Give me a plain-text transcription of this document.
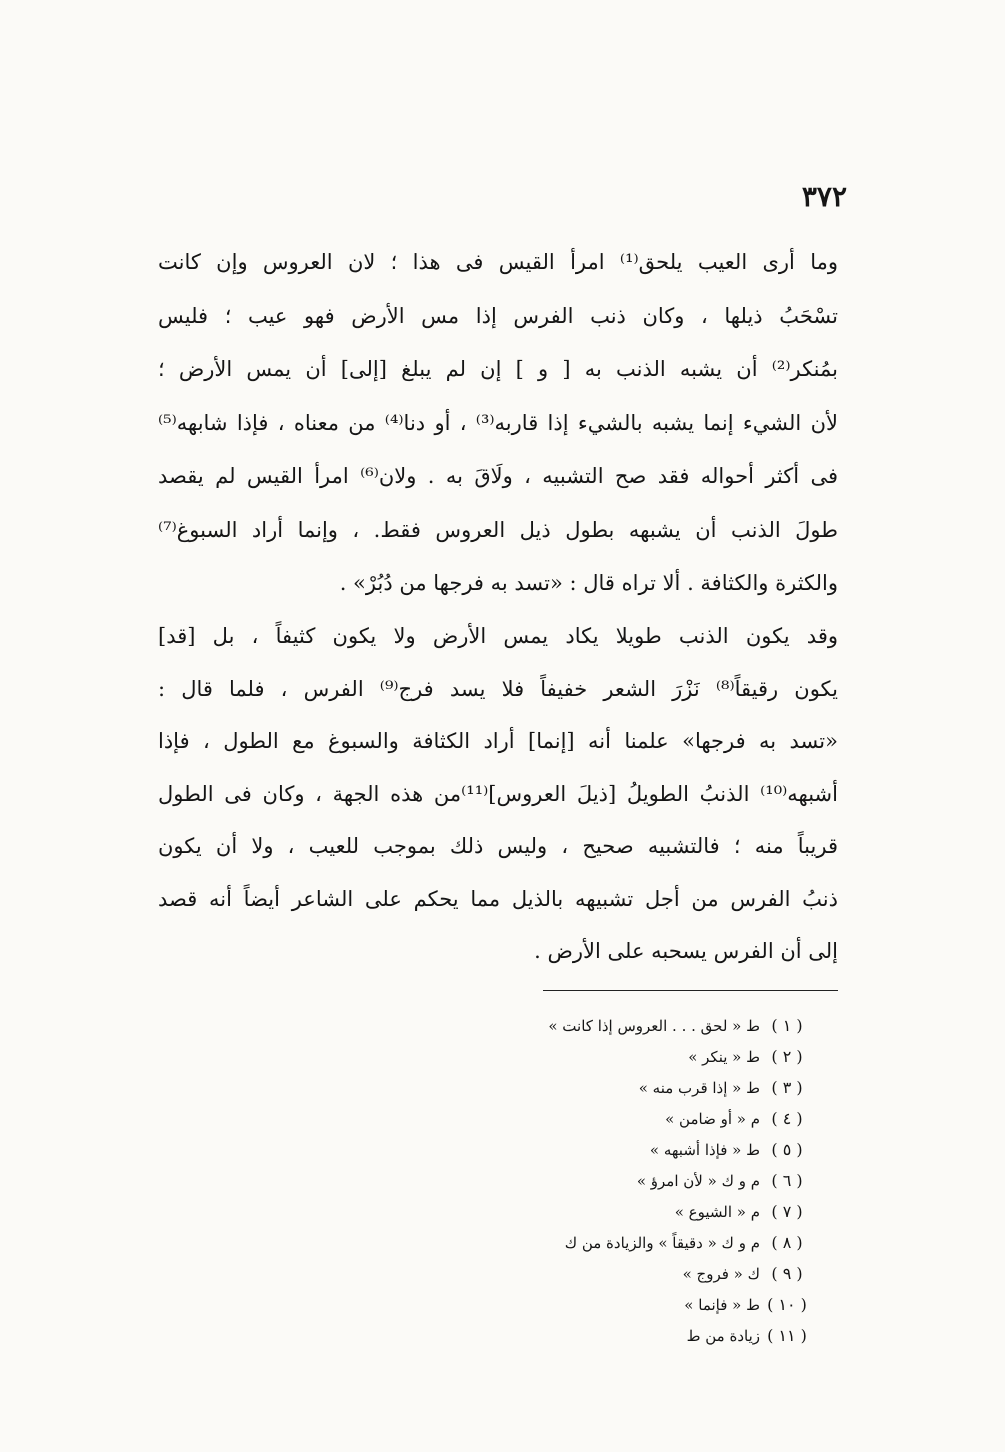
٣٧٢
وما أرى العيب يلحق⁽¹⁾ امرأ القيس فى هذا ؛ لان العروس وإن كانت
تسْحَبُ ذيلها ، وكان ذنب الفرس إذا مس الأرض فهو عيب ؛ فليس
بمُنكر⁽²⁾ أن يشبه الذنب به [ و ] إن لم يبلغ [إلى] أن يمس الأرض ؛
لأن الشيء إنما يشبه بالشيء إذا قاربه⁽³⁾ ، أو دنا⁽⁴⁾ من معناه ، فإذا شابهه⁽⁵⁾
فى أكثر أحواله فقد صح التشبيه ، ولَاقَ به . ولان⁽⁶⁾ امرأ القيس لم يقصد
طولَ الذنب أن يشبهه بطول ذيل العروس فقط. ، وإنما أراد السبوغ⁽⁷⁾
والكثرة والكثافة . ألا تراه قال : «تسد به فرجها من دُبُرْ» .
وقد يكون الذنب طويلا يكاد يمس الأرض ولا يكون كثيفاً ، بل [قد]
يكون رقيقاً⁽⁸⁾ نَزْرَ الشعر خفيفاً فلا يسد فرج⁽⁹⁾ الفرس ، فلما قال :
«تسد به فرجها» علمنا أنه [إنما] أراد الكثافة والسبوغ مع الطول ، فإذا
أشبهه⁽¹⁰⁾ الذنبُ الطويلُ [ذيلَ العروس]⁽¹¹⁾من هذه الجهة ، وكان فى الطول
قريباً منه ؛ فالتشبيه صحيح ، وليس ذلك بموجب للعيب ، ولا أن يكون
ذنبُ الفرس من أجل تشبيهه بالذيل مما يحكم على الشاعر أيضاً أنه قصد
إلى أن الفرس يسحبه على الأرض .
( ١ )ط « لحق . . . العروس إذا كانت »
( ٢ )ط « ينكر »
( ٣ )ط « إذا قرب منه »
( ٤ )م « أو ضامن »
( ٥ )ط « فإذا أشبهه »
( ٦ )م و ك « لأن امرؤ »
( ٧ )م « الشيوع »
( ٨ )م و ك « دقيقاً » والزيادة من ك
( ٩ )ك « فروج »
( ١٠ )ط « فإنما »
( ١١ )زيادة من ط
